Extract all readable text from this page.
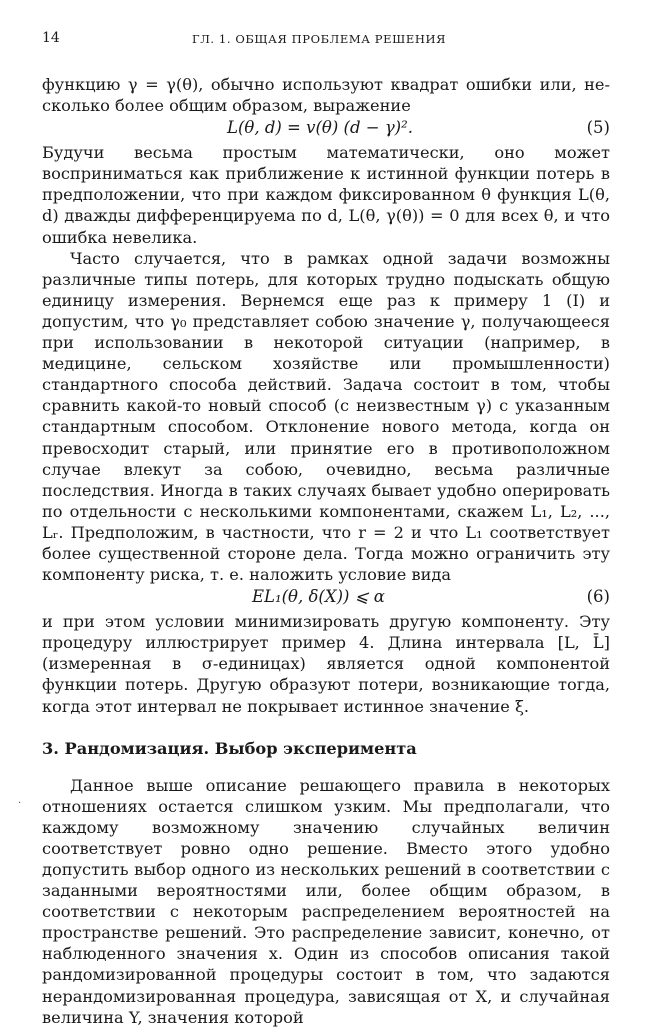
14	ГЛ. 1. ОБЩАЯ ПРОБЛЕМА РЕШЕНИЯ

функцию γ = γ(θ), обычно используют квадрат ошибки или, несколько более общим образом, выражение

L(θ, d) = v(θ) (d − γ)².	(5)

Будучи весьма простым математически, оно может восприниматься как приближение к истинной функции потерь в предположении, что при каждом фиксированном θ функция L(θ, d) дважды дифференцируема по d, L(θ, γ(θ)) = 0 для всех θ, и что ошибка невелика.

Часто случается, что в рамках одной задачи возможны различные типы потерь, для которых трудно подыскать общую единицу измерения. Вернемся еще раз к примеру 1 (I) и допустим, что γ₀ представляет собою значение γ, получающееся при использовании в некоторой ситуации (например, в медицине, сельском хозяйстве или промышленности) стандартного способа действий. Задача состоит в том, чтобы сравнить какой-то новый способ (с неизвестным γ) с указанным стандартным способом. Отклонение нового метода, когда он превосходит старый, или принятие его в противоположном случае влекут за собою, очевидно, весьма различные последствия. Иногда в таких случаях бывает удобно оперировать по отдельности с несколькими компонентами, скажем L₁, L₂, ..., Lᵣ. Предположим, в частности, что r = 2 и что L₁ соответствует более существенной стороне дела. Тогда можно ограничить эту компоненту риска, т. е. наложить условие вида

EL₁(θ, δ(X)) ⩽ α	(6)

и при этом условии минимизировать другую компоненту. Эту процедуру иллюстрирует пример 4. Длина интервала [L, L̄] (измеренная в σ-единицах) является одной компонентой функции потерь. Другую образуют потери, возникающие тогда, когда этот интервал не покрывает истинное значение ξ.

3. Рандомизация. Выбор эксперимента

Данное выше описание решающего правила в некоторых отношениях остается слишком узким. Мы предполагали, что каждому возможному значению случайных величин соответствует ровно одно решение. Вместо этого удобно допустить выбор одного из нескольких решений в соответствии с заданными вероятностями или, более общим образом, в соответствии с некоторым распределением вероятностей на пространстве решений. Это распределение зависит, конечно, от наблюденного значения x. Один из способов описания такой рандомизированной процедуры состоит в том, что задаются нерандомизированная процедура, зависящая от X, и случайная величина Y, значения которой

·
